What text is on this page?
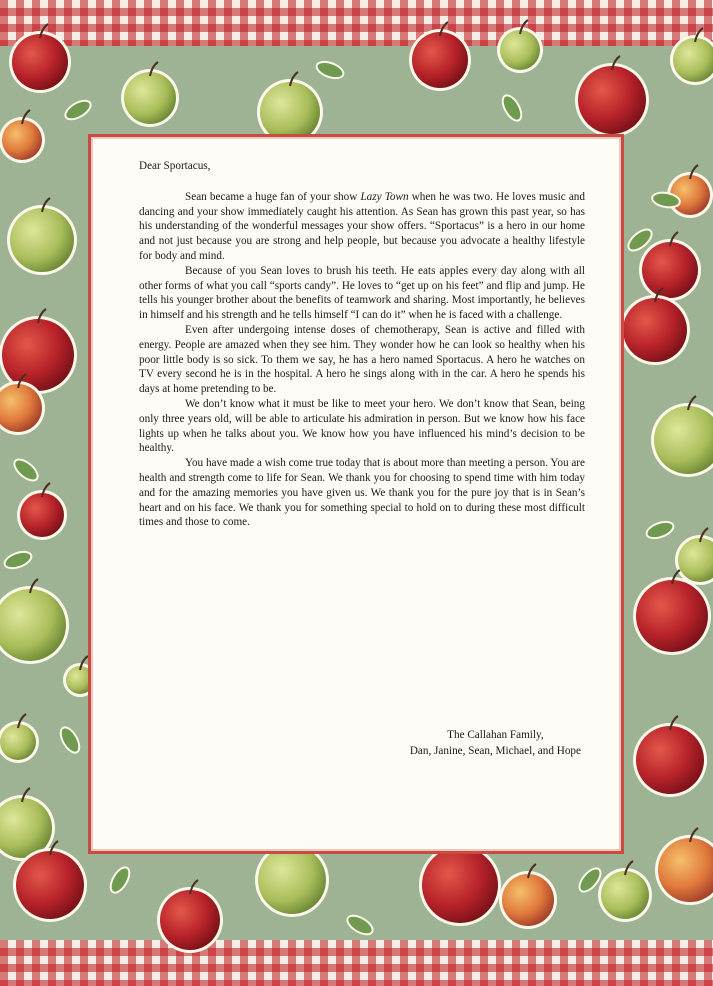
Dear Sportacus,

Sean became a huge fan of your show Lazy Town when he was two. He loves music and dancing and your show immediately caught his attention. As Sean has grown this past year, so has his understanding of the wonderful messages your show offers. “Sportacus” is a hero in our home and not just because you are strong and help people, but because you advocate a healthy lifestyle for body and mind.

Because of you Sean loves to brush his teeth. He eats apples every day along with all other forms of what you call “sports candy”. He loves to “get up on his feet” and flip and jump. He tells his younger brother about the benefits of teamwork and sharing. Most importantly, he believes in himself and his strength and he tells himself “I can do it” when he is faced with a challenge.

Even after undergoing intense doses of chemotherapy, Sean is active and filled with energy. People are amazed when they see him. They wonder how he can look so healthy when his poor little body is so sick. To them we say, he has a hero named Sportacus. A hero he watches on TV every second he is in the hospital. A hero he sings along with in the car. A hero he spends his days at home pretending to be.

We don’t know what it must be like to meet your hero. We don’t know that Sean, being only three years old, will be able to articulate his admiration in person. But we know how his face lights up when he talks about you. We know how you have influenced his mind’s decision to be healthy.

You have made a wish come true today that is about more than meeting a person. You are health and strength come to life for Sean. We thank you for choosing to spend time with him today and for the amazing memories you have given us. We thank you for the pure joy that is in Sean’s heart and on his face. We thank you for something special to hold on to during these most difficult times and those to come.

The Callahan Family,
Dan, Janine, Sean, Michael, and Hope
